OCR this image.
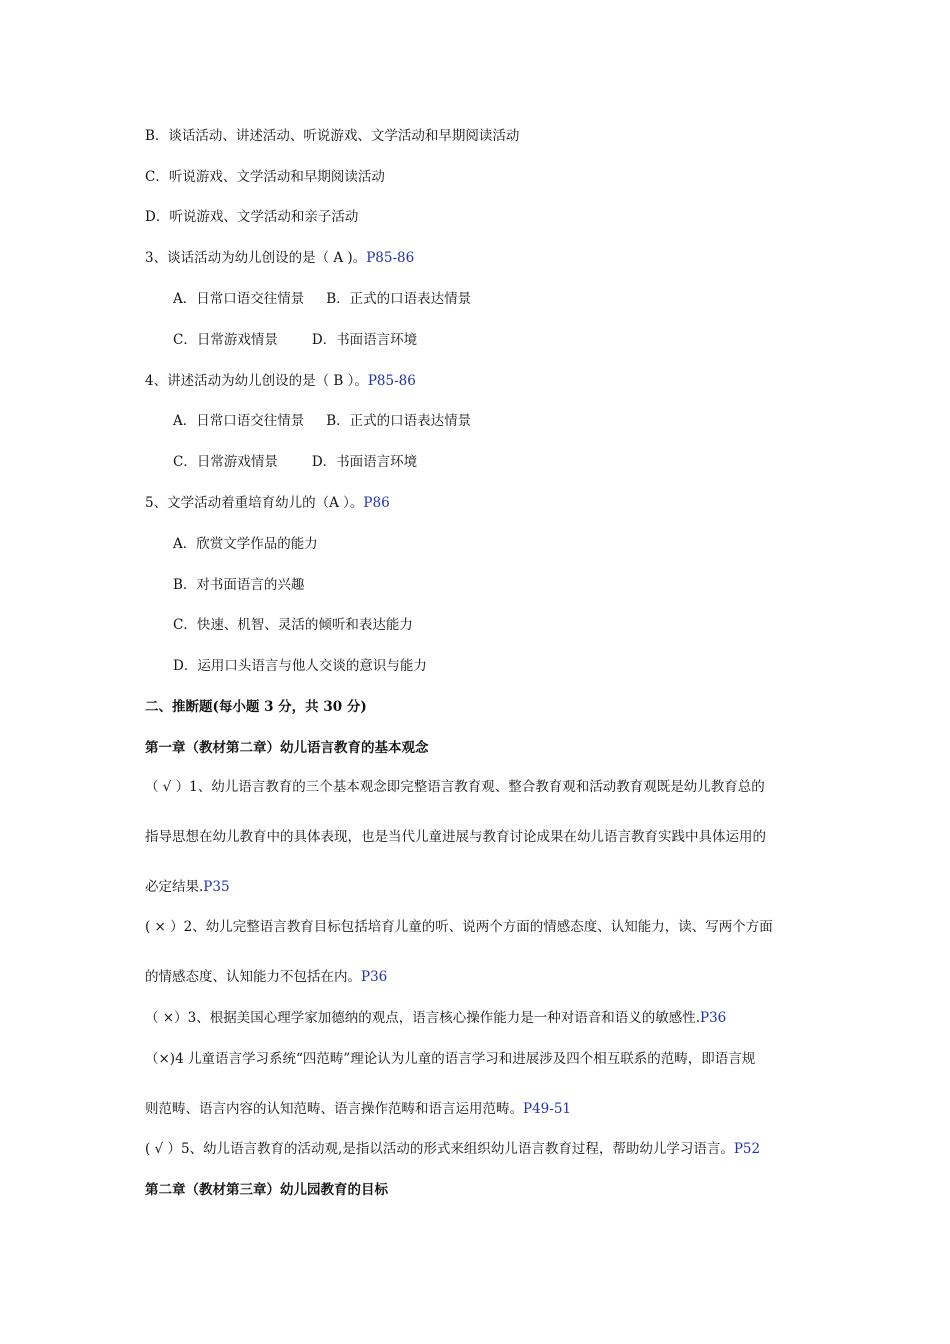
B．谈话活动、讲述活动、听说游戏、文学活动和早期阅读活动
C．听说游戏、文学活动和早期阅读活动
D．听说游戏、文学活动和亲子活动
3、谈话活动为幼儿创设的是（ A )。P85-86
A．日常口语交往情景 B．正式的口语表达情景
C．日常游戏情景	D．书面语言环境
4、讲述活动为幼儿创设的是（ B ）。P85-86
A．日常口语交往情景 B．正式的口语表达情景
C．日常游戏情景	D．书面语言环境
5、文学活动着重培育幼儿的（A ）。P86
A．欣赏文学作品的能力
B．对书面语言的兴趣
C．快速、机智、灵活的倾听和表达能力
D．运用口头语言与他人交谈的意识与能力
二、推断题(每小题 3 分，共 30 分)
第一章（教材第二章）幼儿语言教育的基本观念
（ √ ）1、幼儿语言教育的三个基本观念即完整语言教育观、整合教育观和活动教育观既是幼儿教育总的
指导思想在幼儿教育中的具体表现，也是当代儿童进展与教育讨论成果在幼儿语言教育实践中具体运用的
必定结果.P35
( × ）2、幼儿完整语言教育目标包括培育儿童的听、说两个方面的情感态度、认知能力，读、写两个方面
的情感态度、认知能力不包括在内。P36
（ ×）3、根据美国心理学家加德纳的观点，语言核心操作能力是一种对语音和语义的敏感性.P36
（×)4 儿童语言学习系统“四范畴”理论认为儿童的语言学习和进展涉及四个相互联系的范畴，即语言规
则范畴、语言内容的认知范畴、语言操作范畴和语言运用范畴。P49-51
( √ ）5、幼儿语言教育的活动观,是指以活动的形式来组织幼儿语言教育过程，帮助幼儿学习语言。P52
第二章（教材第三章）幼儿园教育的目标
